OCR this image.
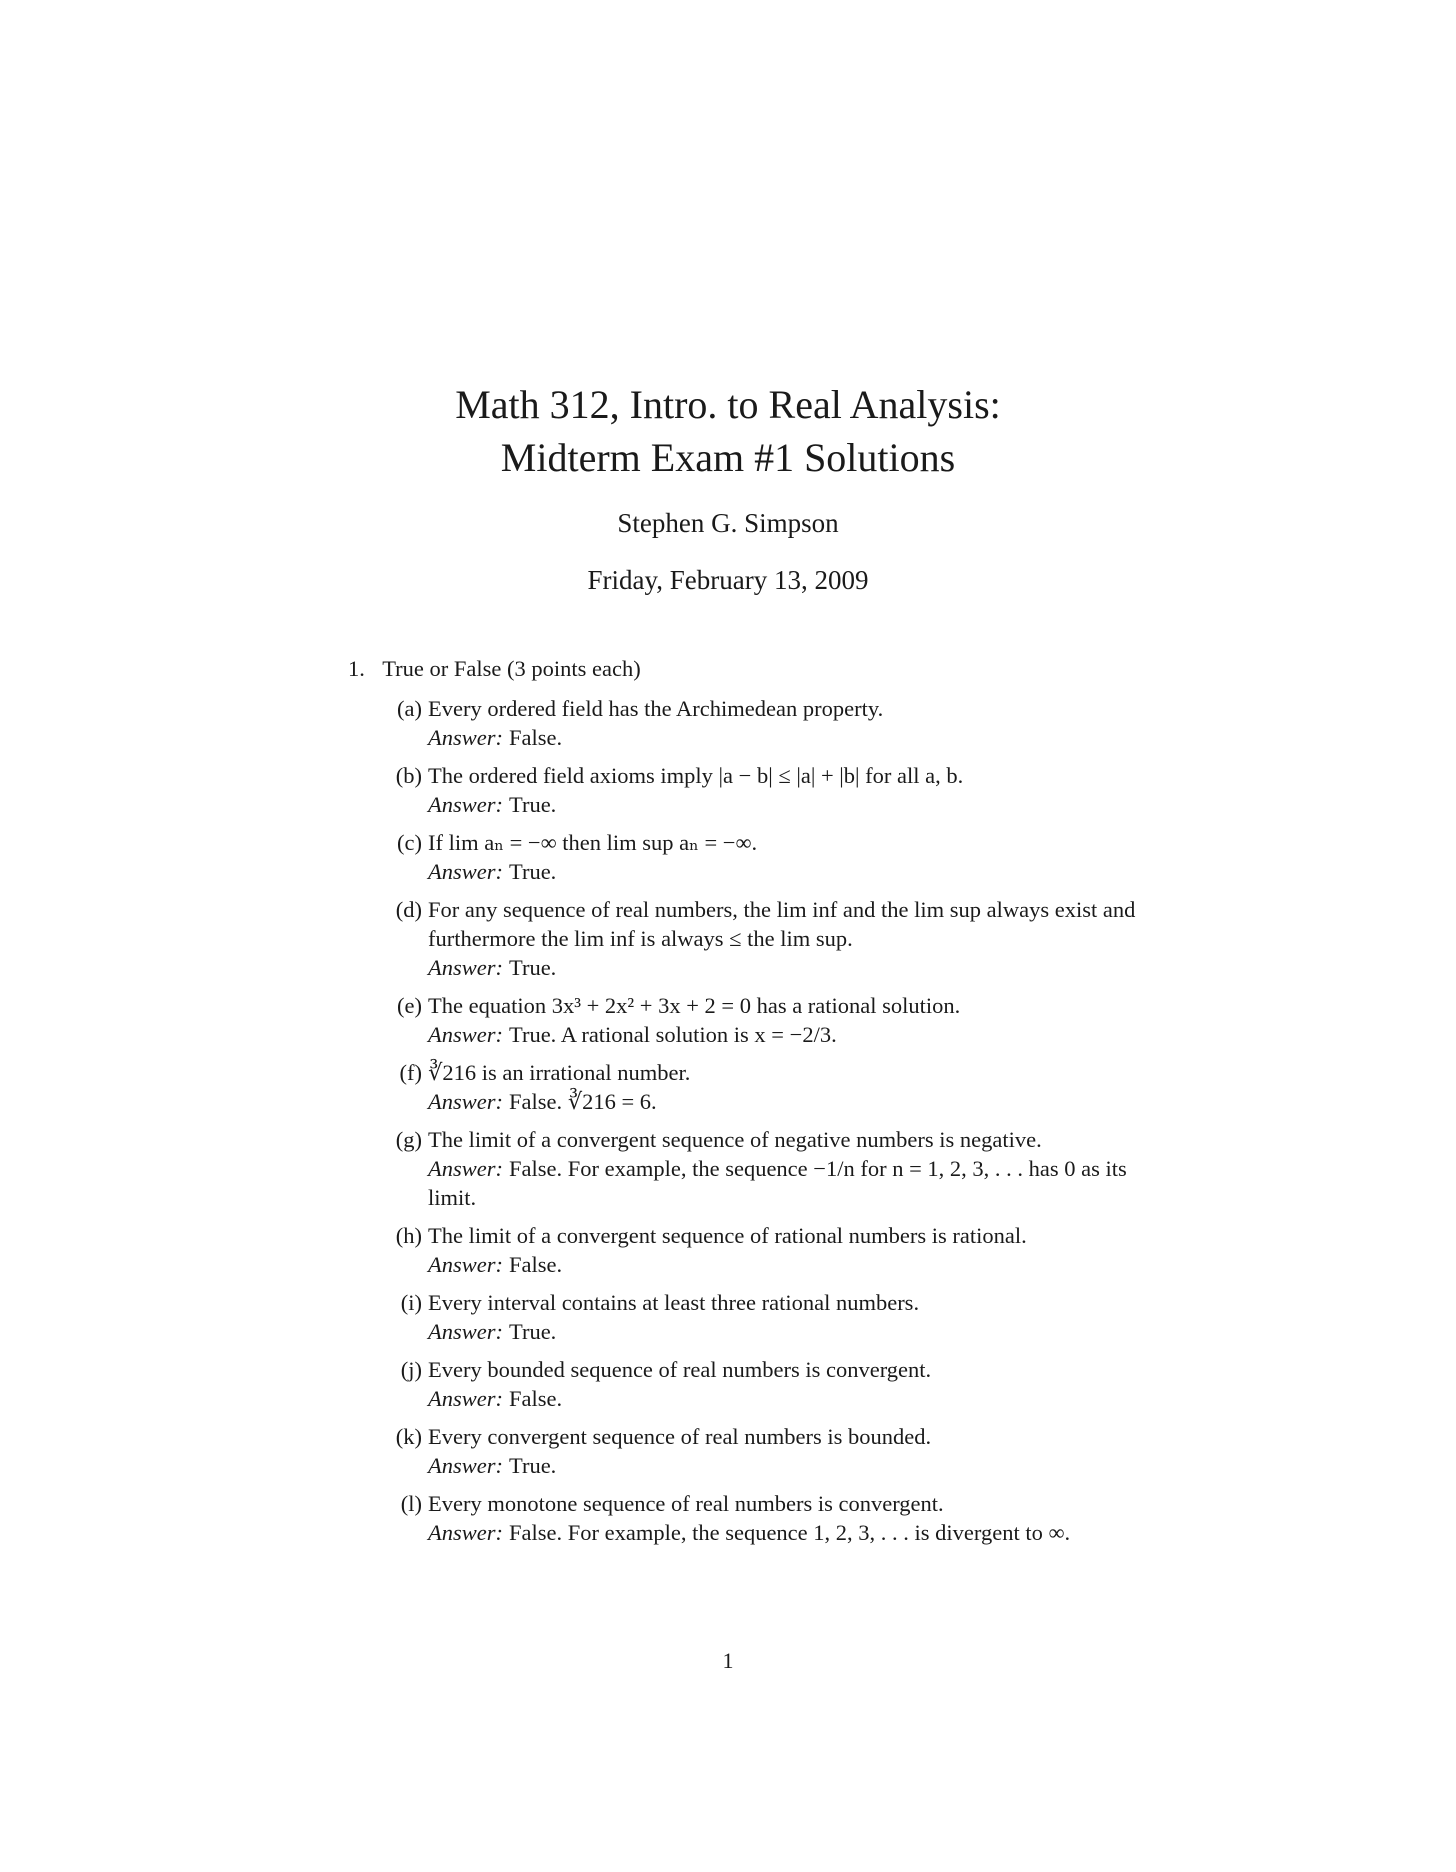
Math 312, Intro. to Real Analysis:

Midterm Exam #1 Solutions

Stephen G. Simpson

Friday, February 13, 2009

1. True or False (3 points each)
(a) Every ordered field has the Archimedean property.

Answer: False.

(b) The ordered field axioms imply |a − b| ≤ |a| + |b| for all a, b.

Answer: True.

(c) If lim aₙ = −∞ then lim sup aₙ = −∞.

Answer: True.

(d) For any sequence of real numbers, the lim inf and the lim sup always exist and furthermore the lim inf is always ≤ the lim sup.

Answer: True.

(e) The equation 3x³ + 2x² + 3x + 2 = 0 has a rational solution.

Answer: True. A rational solution is x = −2/3.

(f) ∛216 is an irrational number.

Answer: False. ∛216 = 6.

(g) The limit of a convergent sequence of negative numbers is negative.

Answer: False. For example, the sequence −1/n for n = 1, 2, 3, . . . has 0 as its limit.

(h) The limit of a convergent sequence of rational numbers is rational.

Answer: False.

(i) Every interval contains at least three rational numbers.

Answer: True.

(j) Every bounded sequence of real numbers is convergent.

Answer: False.

(k) Every convergent sequence of real numbers is bounded.

Answer: True.

(l) Every monotone sequence of real numbers is convergent.

Answer: False. For example, the sequence 1, 2, 3, . . . is divergent to ∞.

1
